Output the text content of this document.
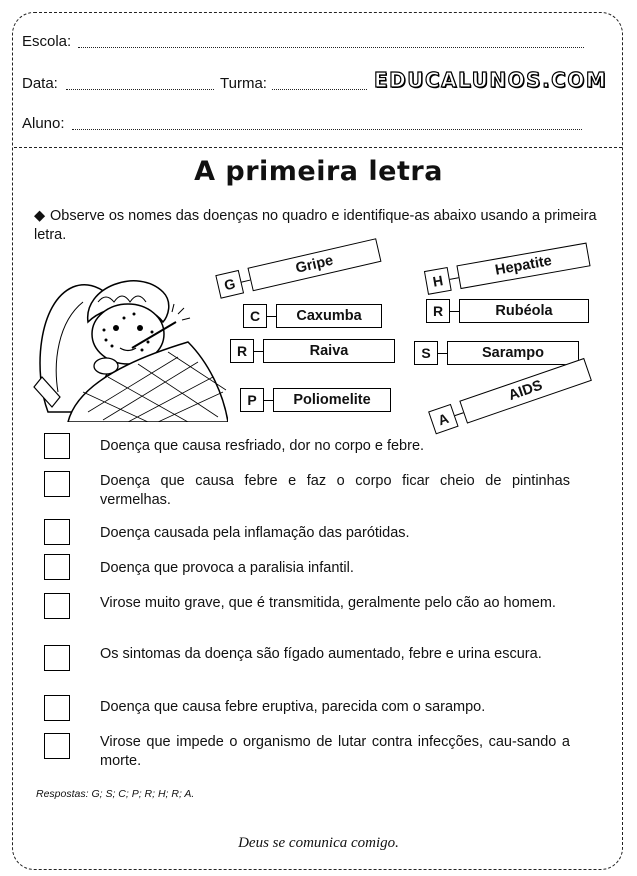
Escola:
Data:	Turma:	EDUCALUNOS.COM
Aluno:
A primeira letra
◆ Observe os nomes das doenças no quadro e identifique-as abaixo usando a primeira letra.
G
Gripe
H
Hepatite
C	Caxumba	R	Rubéola
R	Raiva	S	Sarampo
P	Poliomelite
A
AIDS
Doença que causa resfriado, dor no corpo e febre.
Doença que causa febre e faz o corpo ficar cheio de pintinhas vermelhas.
Doença causada pela inflamação das parótidas.
Doença que provoca a paralisia infantil.
Virose muito grave, que é transmitida, geralmente pelo cão ao homem.
Os sintomas da doença são fígado aumentado, febre e urina escura.
Doença que causa febre eruptiva, parecida com o sarampo.
Virose que impede o organismo de lutar contra infecções, cau-sando a morte.
Respostas: G; S; C; P; R; H; R; A.
Deus se comunica comigo.
